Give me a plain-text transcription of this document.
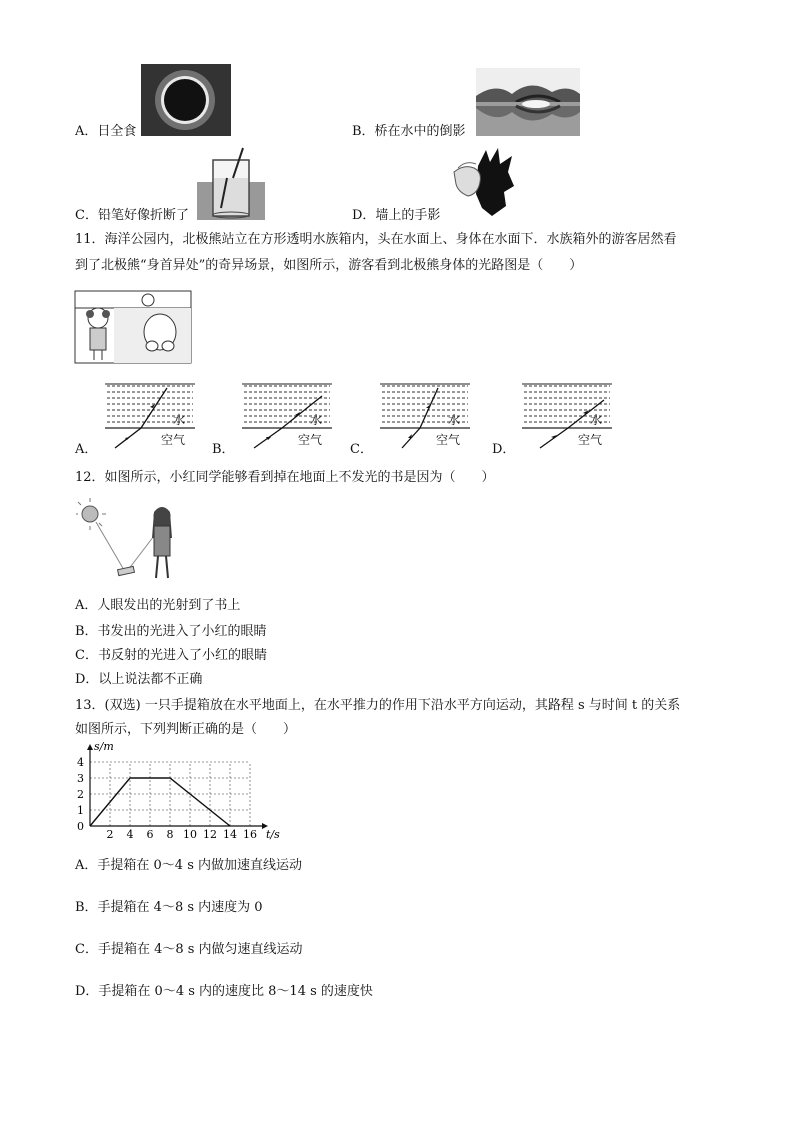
A．日全食	B．桥在水中的倒影
C．铅笔好像折断了	D．墙上的手影
11．海洋公园内，北极熊站立在方形透明水族箱内，头在水面上、身体在水面下．水族箱外的游客居然看
到了北极熊“身首异处”的奇异场景，如图所示，游客看到北极熊身体的光路图是（　　）
A．
水
空气
B．
水
空气
C．
水
空气
D．
水
空气
12．如图所示，小红同学能够看到掉在地面上不发光的书是因为（　　）
A．人眼发出的光射到了书上
B．书发出的光进入了小红的眼睛
C．书反射的光进入了小红的眼睛
D．以上说法都不正确
13．(双选) 一只手提箱放在水平地面上，在水平推力的作用下沿水平方向运动，其路程 s 与时间 t 的关系
如图所示，下列判断正确的是（　　）
2 4 6 8 10 12 14 16
1
2
3
4
0
t/s
s/m
A．手提箱在 0～4 s 内做加速直线运动
B．手提箱在 4～8 s 内速度为 0
C．手提箱在 4～8 s 内做匀速直线运动
D．手提箱在 0～4 s 内的速度比 8～14 s 的速度快
